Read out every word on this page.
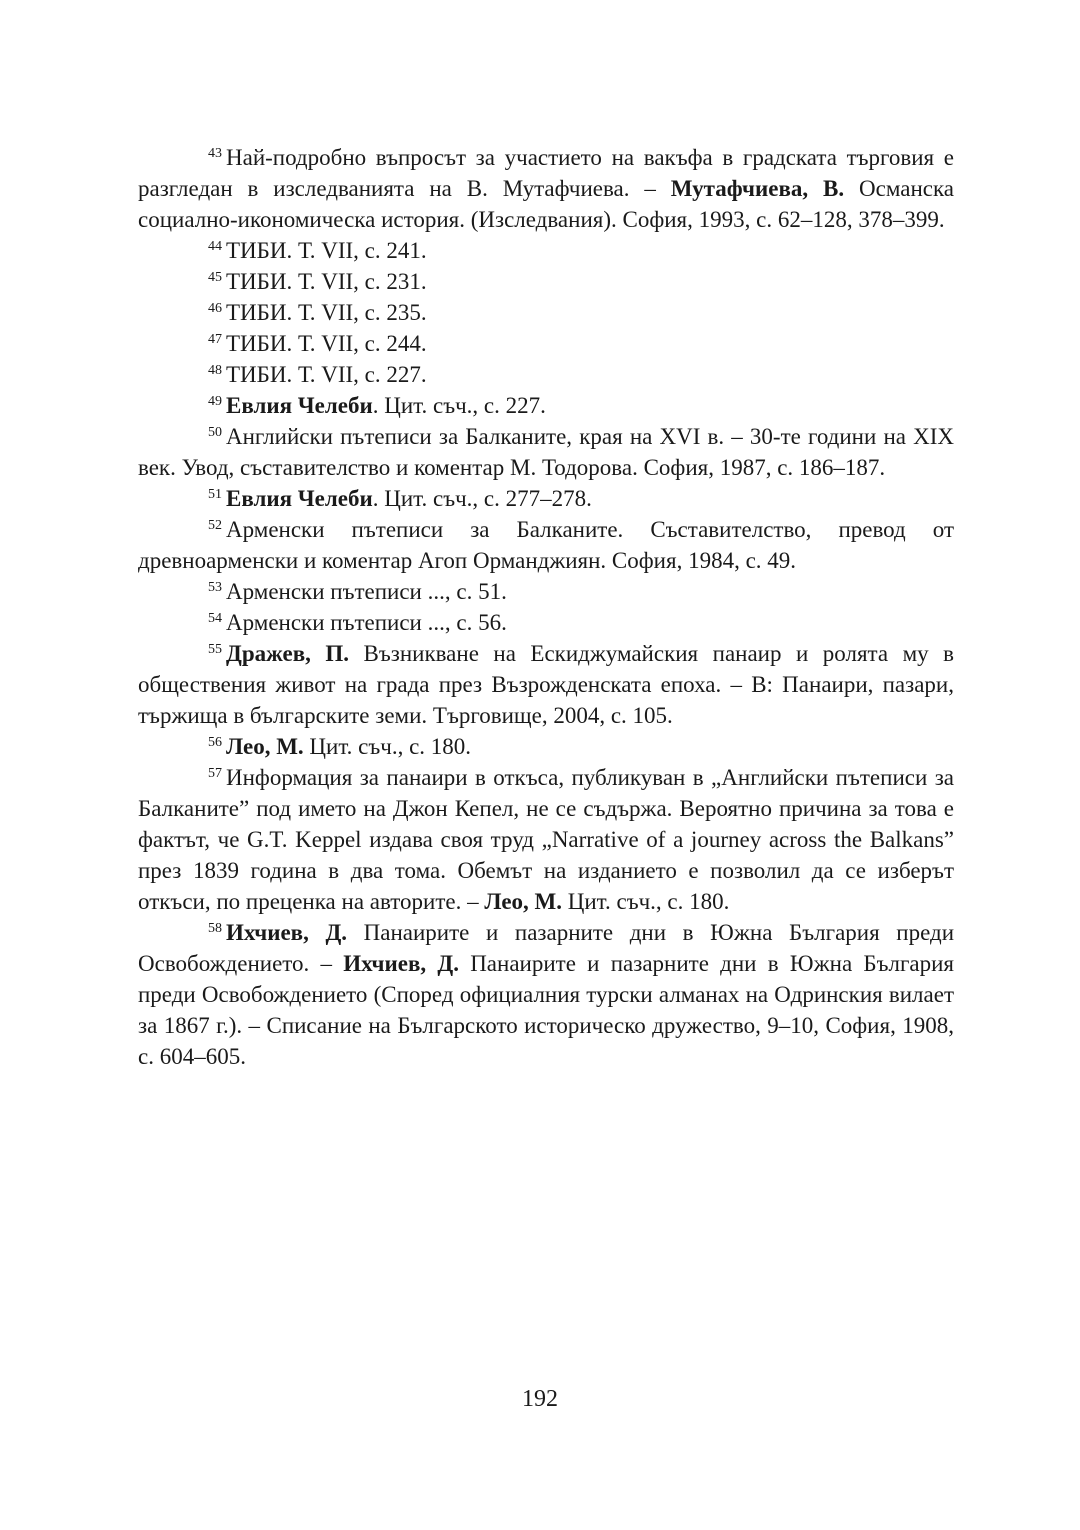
$^{43}$ Най-подробно въпросът за участието на вакъфа в градската търговия е разгледан в изследванията на В. Мутафчиева. – Мутафчиева, В. Османска социално-икономическа история. (Изследвания). София, 1993, с. 62–128, 378–399.

$^{44}$ ТИБИ. Т. VII, с. 241.

$^{45}$ ТИБИ. Т. VII, с. 231.

$^{46}$ ТИБИ. Т. VII, с. 235.

$^{47}$ ТИБИ. Т. VII, с. 244.

$^{48}$ ТИБИ. Т. VII, с. 227.

$^{49}$ Евлия Челеби. Цит. съч., с. 227.

$^{50}$ Английски пътеписи за Балканите, края на XVI в. – 30-те години на XIX век. Увод, съставителство и коментар М. Тодорова. София, 1987, с. 186–187.

$^{51}$ Евлия Челеби. Цит. съч., с. 277–278.

$^{52}$ Арменски пътеписи за Балканите. Съставителство, превод от древноарменски и коментар Агоп Орманджиян. София, 1984, с. 49.

$^{53}$ Арменски пътеписи ..., с. 51.

$^{54}$ Арменски пътеписи ..., с. 56.

$^{55}$ Дражев, П. Възникване на Ескиджумайския панаир и ролята му в обществения живот на града през Възрожденската епоха. – В: Панаири, пазари, тържища в българските земи. Търговище, 2004, с. 105.

$^{56}$ Лео, М. Цит. съч., с. 180.

$^{57}$ Информация за панаири в откъса, публикуван в „Английски пътеписи за Балканите” под името на Джон Кепел, не се съдържа. Вероятно причина за това е фактът, че G.T. Keppel издава своя труд „Narrative of a journey across the Balkans” през 1839 година в два тома. Обемът на изданието е позволил да се изберът откъси, по преценка на авторите. – Лео, М. Цит. съч., с. 180.

$^{58}$ Ихчиев, Д. Панаирите и пазарните дни в Южна България преди Освобождението. – Ихчиев, Д. Панаирите и пазарните дни в Южна България преди Освобождението (Според официалния турски алманах на Одринския вилает за 1867 г.). – Списание на Българското историческо дружество, 9–10, София, 1908, с. 604–605.

192
